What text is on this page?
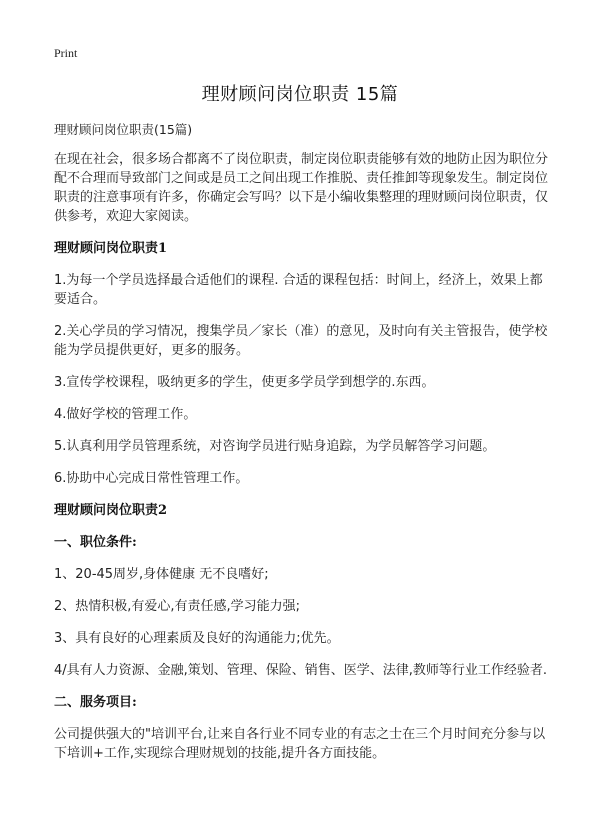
Print
理财顾问岗位职责 15篇

理财顾问岗位职责(15篇)

在现在社会，很多场合都离不了岗位职责，制定岗位职责能够有效的地防止因为职位分配不合理而导致部门之间或是员工之间出现工作推脱、责任推卸等现象发生。制定岗位职责的注意事项有许多，你确定会写吗？以下是小编收集整理的理财顾问岗位职责，仅供参考，欢迎大家阅读。

理财顾问岗位职责1

1.为每一个学员选择最合适他们的课程. 合适的课程包括：时间上，经济上，效果上都要适合。

2.关心学员的学习情况，搜集学员／家长（准）的意见，及时向有关主管报告，使学校能为学员提供更好，更多的服务。

3.宣传学校课程，吸纳更多的学生，使更多学员学到想学的.东西。

4.做好学校的管理工作。

5.认真利用学员管理系统，对咨询学员进行贴身追踪，为学员解答学习问题。

6.协助中心完成日常性管理工作。

理财顾问岗位职责2
一、职位条件:

1、20-45周岁,身体健康 无不良嗜好;

2、热情积极,有爱心,有责任感,学习能力强;

3、具有良好的心理素质及良好的沟通能力;优先。

4/具有人力资源、金融,策划、管理、保险、销售、医学、法律,教师等行业工作经验者.

二、服务项目:

公司提供强大的"培训平台,让来自各行业不同专业的有志之士在三个月时间充分参与以下培训+工作,实现综合理财规划的技能,提升各方面技能。
